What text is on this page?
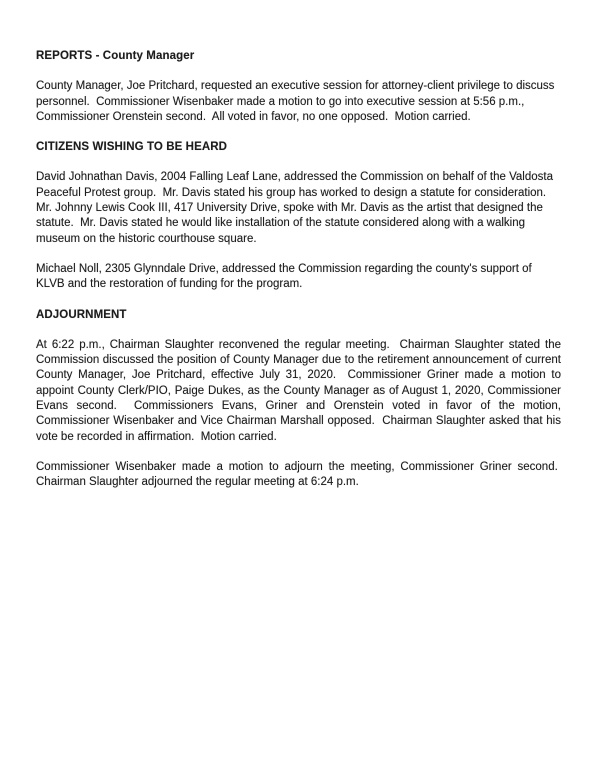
REPORTS - County Manager

County Manager, Joe Pritchard, requested an executive session for attorney-client privilege to discuss personnel.  Commissioner Wisenbaker made a motion to go into executive session at 5:56 p.m., Commissioner Orenstein second.  All voted in favor, no one opposed.  Motion carried.

CITIZENS WISHING TO BE HEARD

David Johnathan Davis, 2004 Falling Leaf Lane, addressed the Commission on behalf of the Valdosta Peaceful Protest group.  Mr. Davis stated his group has worked to design a statute for consideration.  Mr. Johnny Lewis Cook III, 417 University Drive, spoke with Mr. Davis as the artist that designed the statute.  Mr. Davis stated he would like installation of the statute considered along with a walking museum on the historic courthouse square.

Michael Noll, 2305 Glynndale Drive, addressed the Commission regarding the county's support of KLVB and the restoration of funding for the program.

ADJOURNMENT

At 6:22 p.m., Chairman Slaughter reconvened the regular meeting.  Chairman Slaughter stated the Commission discussed the position of County Manager due to the retirement announcement of current County Manager, Joe Pritchard, effective July 31, 2020.  Commissioner Griner made a motion to appoint County Clerk/PIO, Paige Dukes, as the County Manager as of August 1, 2020, Commissioner Evans second.  Commissioners Evans, Griner and Orenstein voted in favor of the motion, Commissioner Wisenbaker and Vice Chairman Marshall opposed.  Chairman Slaughter asked that his vote be recorded in affirmation.  Motion carried.

Commissioner Wisenbaker made a motion to adjourn the meeting, Commissioner Griner second.  Chairman Slaughter adjourned the regular meeting at 6:24 p.m.
